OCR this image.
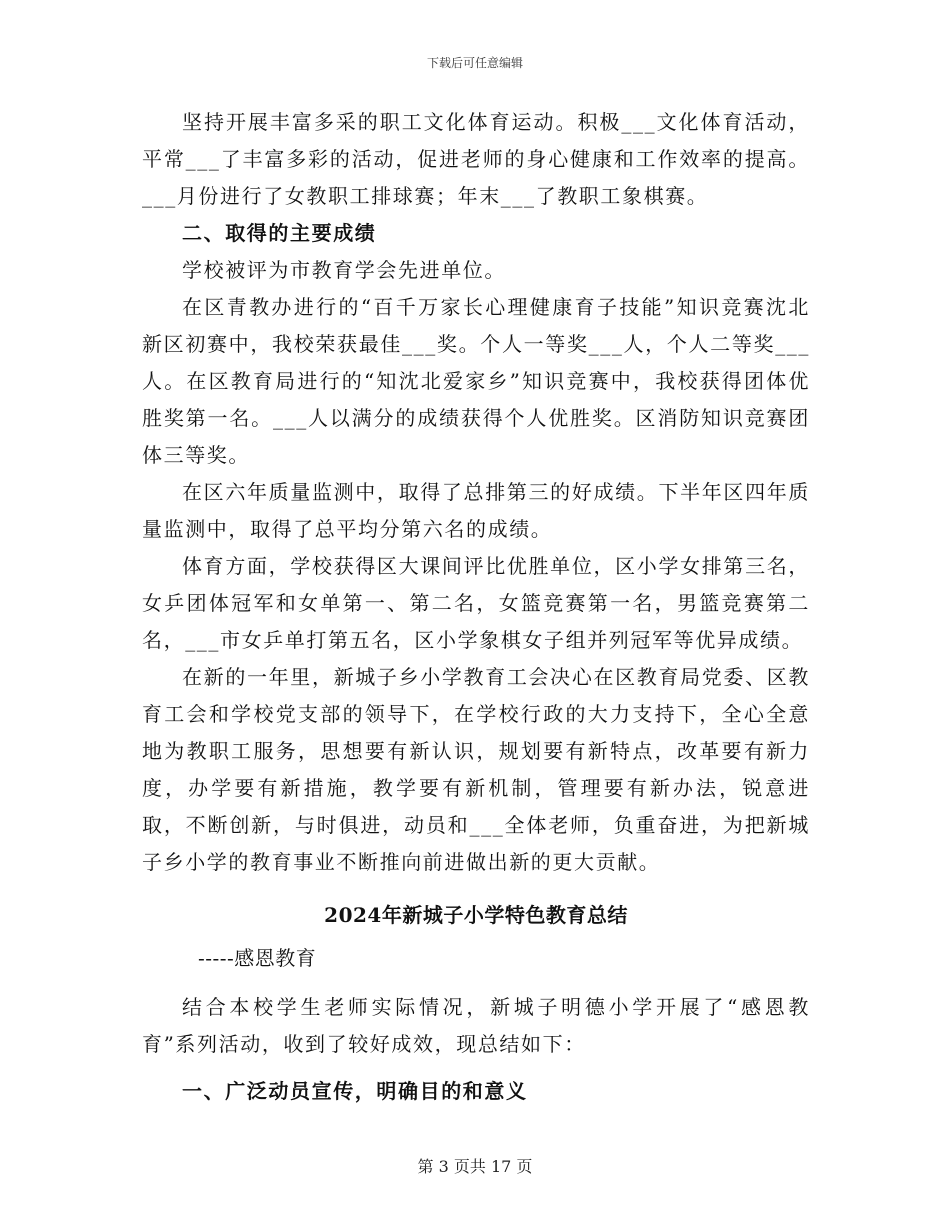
下载后可任意编辑

坚持开展丰富多采的职工文化体育运动。积极___文化体育活动，平常___了丰富多彩的活动，促进老师的身心健康和工作效率的提高。___月份进行了女教职工排球赛；年末___了教职工象棋赛。

二、取得的主要成绩

学校被评为市教育学会先进单位。

在区青教办进行的“百千万家长心理健康育子技能”知识竞赛沈北新区初赛中，我校荣获最佳___奖。个人一等奖___人，个人二等奖___人。在区教育局进行的“知沈北爱家乡”知识竞赛中，我校获得团体优胜奖第一名。___人以满分的成绩获得个人优胜奖。区消防知识竞赛团体三等奖。

在区六年质量监测中，取得了总排第三的好成绩。下半年区四年质量监测中，取得了总平均分第六名的成绩。

体育方面，学校获得区大课间评比优胜单位，区小学女排第三名，女乒团体冠军和女单第一、第二名，女篮竞赛第一名，男篮竞赛第二名，___市女乒单打第五名，区小学象棋女子组并列冠军等优异成绩。

在新的一年里，新城子乡小学教育工会决心在区教育局党委、区教育工会和学校党支部的领导下，在学校行政的大力支持下，全心全意地为教职工服务，思想要有新认识，规划要有新特点，改革要有新力度，办学要有新措施，教学要有新机制，管理要有新办法，锐意进取，不断创新，与时俱进，动员和___全体老师，负重奋进，为把新城子乡小学的教育事业不断推向前进做出新的更大贡献。

2024年新城子小学特色教育总结
-----感恩教育

结合本校学生老师实际情况，新城子明德小学开展了“感恩教育”系列活动，收到了较好成效，现总结如下：

一、广泛动员宣传，明确目的和意义

第 3 页共 17 页
